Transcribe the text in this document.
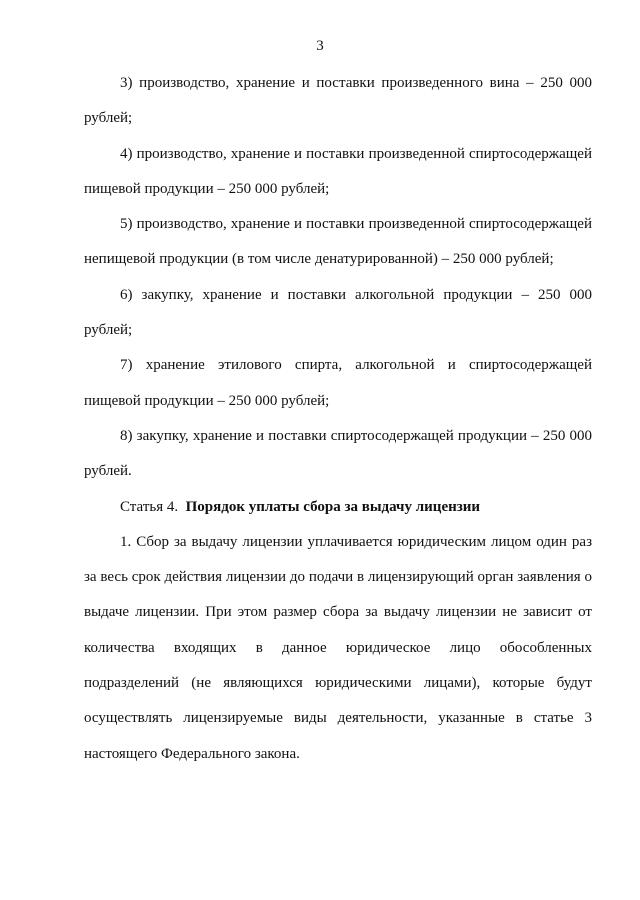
3

3) производство, хранение и поставки произведенного вина – 250 000 рублей;

4) производство, хранение и поставки произведенной спиртосодержащей пищевой продукции – 250 000 рублей;

5) производство, хранение и поставки произведенной спиртосодержащей непищевой продукции (в том числе денатурированной) – 250 000 рублей;

6) закупку, хранение и поставки алкогольной продукции – 250 000 рублей;

7) хранение этилового спирта, алкогольной и спиртосодержащей пищевой продукции – 250 000 рублей;

8) закупку, хранение и поставки спиртосодержащей продукции – 250 000 рублей.

Статья 4. Порядок уплаты сбора за выдачу лицензии

1. Сбор за выдачу лицензии уплачивается юридическим лицом один раз за весь срок действия лицензии до подачи в лицензирующий орган заявления о выдаче лицензии. При этом размер сбора за выдачу лицензии не зависит от количества входящих в данное юридическое лицо обособленных подразделений (не являющихся юридическими лицами), которые будут осуществлять лицензируемые виды деятельности, указанные в статье 3 настоящего Федерального закона.
